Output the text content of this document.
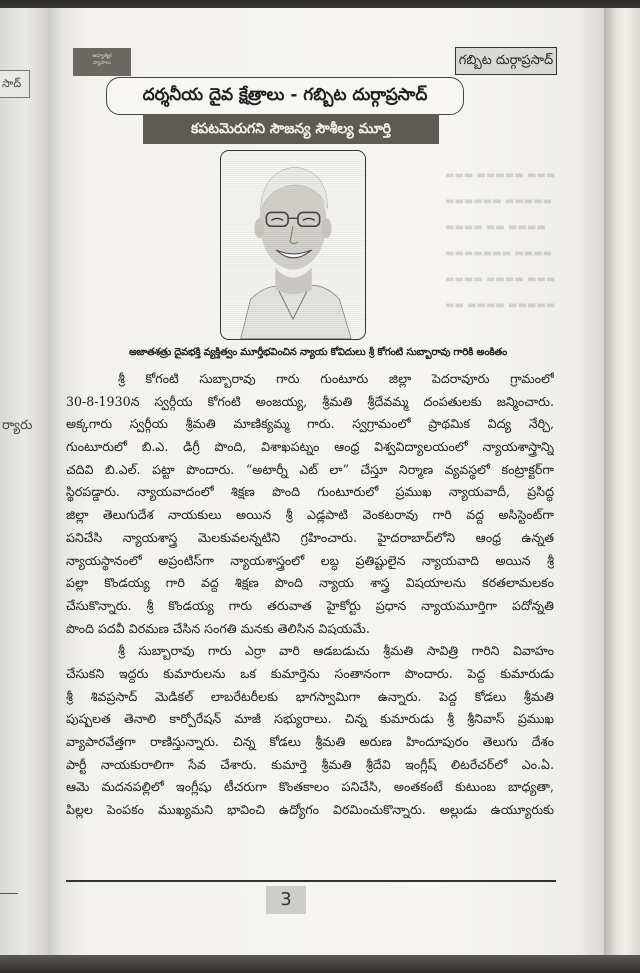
సాద్
ర్యారు
ఆధ్యాత్మిక
వ్యాసాలు	గబ్బిట దుర్గాప్రసాద్
దర్శనీయ దైవ క్షేత్రాలు - గబ్బిట దుర్గాప్రసాద్
కపటమెరుగని సౌజన్య సౌశీల్య మూర్తి
▬▬▬ ▬▬▬▬▬ ▬▬▬
▬▬▬▬▬▬ ▬▬▬▬▬
▬▬▬▬ ▬▬ ▬▬▬▬
▬▬▬▬▬▬▬ ▬▬▬▬
▬▬▬▬ ▬▬▬▬ ▬▬▬
▬▬ ▬▬▬▬ ▬▬▬▬▬
అజాతశత్రు దైవభక్తి వ్యక్తిత్వం మూర్తీభవించిన న్యాయ కోవిదులు శ్రీ కోగంటి సుబ్బారావు గారికి అంకితం
శ్రీ కోగంటి సుబ్బారావు గారు గుంటూరు జిల్లా పెదరావూరు గ్రామంలో
30-8-1930న స్వర్గీయ కోగంటి అంజయ్య, శ్రీమతి శ్రీదేవమ్మ దంపతులకు జన్మించారు.
అక్కగారు స్వర్గీయ శ్రీమతి మాణిక్యమ్మ గారు. స్వగ్రామంలో ప్రాథమిక విద్య నేర్చి,
గుంటూరులో బి.ఎ. డిగ్రీ పొంది, విశాఖపట్నం ఆంధ్ర విశ్వవిద్యాలయంలో న్యాయశాస్త్రాన్ని
చదివి బి.ఎల్. పట్టా పొందారు. “అటార్నీ ఎట్ లా” చేస్తూ నిర్మాణ వ్యవస్థలో కంట్రాక్టర్‌గా
స్థిరపడ్డారు. న్యాయవాదంలో శిక్షణ పొంది గుంటూరులో ప్రముఖ న్యాయవాదీ, ప్రసిద్ధ
జిల్లా తెలుగుదేశ నాయకులు అయిన శ్రీ ఎడ్లపాటి వెంకటరావు గారి వద్ద అసిస్టెంట్‌గా
పనిచేసి న్యాయశాస్త్ర మెలకువలన్నటిని గ్రహించారు. హైదరాబాద్‌లోని ఆంధ్ర ఉన్నత
న్యాయస్థానంలో అప్రంటిస్‌గా న్యాయశాస్త్రంలో లబ్ధ ప్రతిష్టులైన న్యాయవాది అయిన శ్రీ
పల్లా కొండయ్య గారి వద్ద శిక్షణ పొంది న్యాయ శాస్త్ర విషయాలను కరతలామలకం
చేసుకొన్నారు. శ్రీ కొండయ్య గారు తరువాత హైకోర్టు ప్రధాన న్యాయమూర్తిగా పదోన్నతి
పొంది పదవీ విరమణ చేసిన సంగతి మనకు తెలిసిన విషయమే.
శ్రీ సుబ్బారావు గారు ఎర్రా వారి ఆడబడుచు శ్రీమతి సావిత్రి గారిని వివాహం
చేసుకని ఇద్దరు కుమారులను ఒక కుమార్తెను సంతానంగా పొందారు. పెద్ద కుమారుడు
శ్రీ శివప్రసాద్ మెడికల్ లాబరేటరీలకు భాగస్వామిగా ఉన్నారు. పెద్ద కోడలు శ్రీమతి
పుష్పలత తెనాలి కార్పోరేషన్ మాజీ సభ్యురాలు. చిన్న కుమారుడు శ్రీ శ్రీనివాస్ ప్రముఖ
వ్యాపారవేత్తగా రాణిస్తున్నారు. చిన్న కోడలు శ్రీమతి అరుణ హిందూపురం తెలుగు దేశం
పార్టీ నాయకురాలిగా సేవ చేశారు. కుమార్తె శ్రీమతి శ్రీదేవి ఇంగ్లీష్ లిటరేచర్‌లో ఎం.ఏ.
ఆమె మదనపల్లిలో ఇంగ్లీషు టీచరుగా కొంతకాలం పనిచేసి, అంతకంటే కుటుంబ బాధ్యతా,
పిల్లల పెంపకం ముఖ్యమని భావించి ఉద్యోగం విరమించుకొన్నారు. అల్లుడు ఉయ్యూరుకు
3
